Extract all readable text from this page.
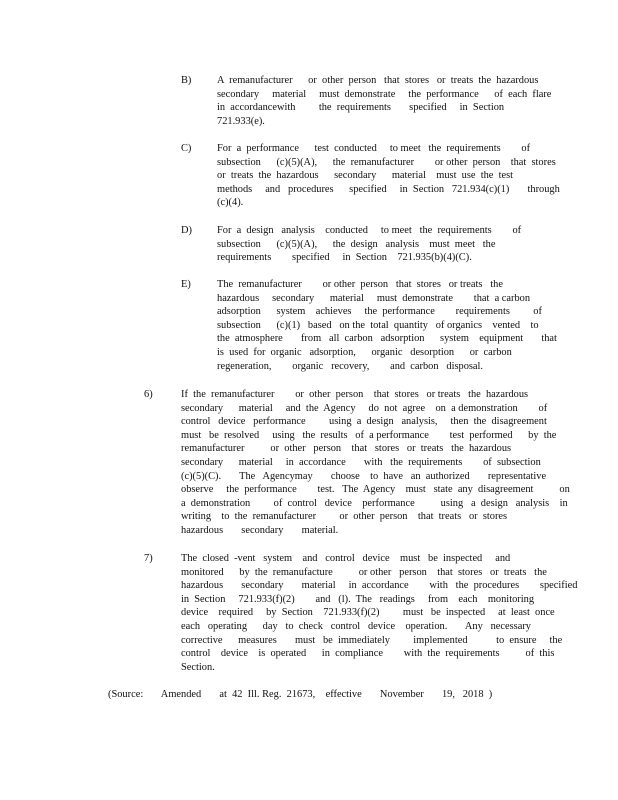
B) A  remanufacturer      or  other  person   that  stores   or  treats  the  hazardous
secondary     material     must  demonstrate     the  performance      of  each  flare
in  accordancewith         the  requirements       specified     in  Section
721.933(e).
C) For  a  performance      test  conducted     to meet   the  requirements        of
subsection      (c)(5)(A),      the  remanufacturer        or other  person    that  stores
or  treats  the  hazardous      secondary      material    must  use  the  test
methods     and   procedures      specified     in  Section   721.934(c)(1)       through
(c)(4).
D) For  a  design   analysis    conducted     to meet   the  requirements        of
subsection      (c)(5)(A),      the  design   analysis    must  meet   the
requirements        specified     in  Section    721.935(b)(4)(C).
E)	The  remanufacturer        or other  person   that  stores   or treats   the
hazardous     secondary      material     must  demonstrate        that  a carbon
adsorption      system    achieves     the  performance        requirements         of
subsection      (c)(1)   based   on the  total  quantity   of organics    vented    to
the  atmosphere       from   all  carbon   adsorption      system    equipment       that
is  used  for  organic   adsorption,      organic   desorption      or  carbon
regeneration,        organic   recovery,        and  carbon   disposal.
6)	If  the  remanufacturer        or  other  person    that  stores   or treats   the  hazardous
secondary      material     and  the  Agency     do  not  agree    on  a demonstration        of
control   device   performance         using  a  design   analysis,     then  the  disagreement
must   be  resolved     using   the  results   of  a performance        test  performed      by  the
remanufacturer          or  other   person    that   stores   or  treats   the  hazardous
secondary      material     in  accordance       with   the  requirements        of  subsection
(c)(5)(C).       The   Agencymay       choose    to  have   an  authorized       representative
observe     the  performance        test.   The  Agency    must   state  any  disagreement          on
a  demonstration         of  control   device    performance          using   a  design   analysis    in
writing    to  the  remanufacturer         or  other  person    that  treats   or  stores
hazardous       secondary       material.
7)	The  closed  -vent   system    and   control   device    must   be  inspected     and
monitored      by  the  remanufacture          or other   person    that  stores   or  treats   the
hazardous       secondary       material     in  accordance        with   the  procedures        specified
in  Section     721.933(f)(2)        and   (l).  The   readings     from    each    monitoring
device    required     by  Section    721.933(f)(2)         must   be  inspected     at  least  once
each   operating      day   to  check   control   device    operation.       Any   necessary
corrective      measures       must   be  immediately         implemented           to  ensure     the
control    device    is  operated      in  compliance        with  the  requirements          of  this
Section.
(Source:       Amended       at  42  Ill. Reg.  21673,    effective       November       19,   2018  )
